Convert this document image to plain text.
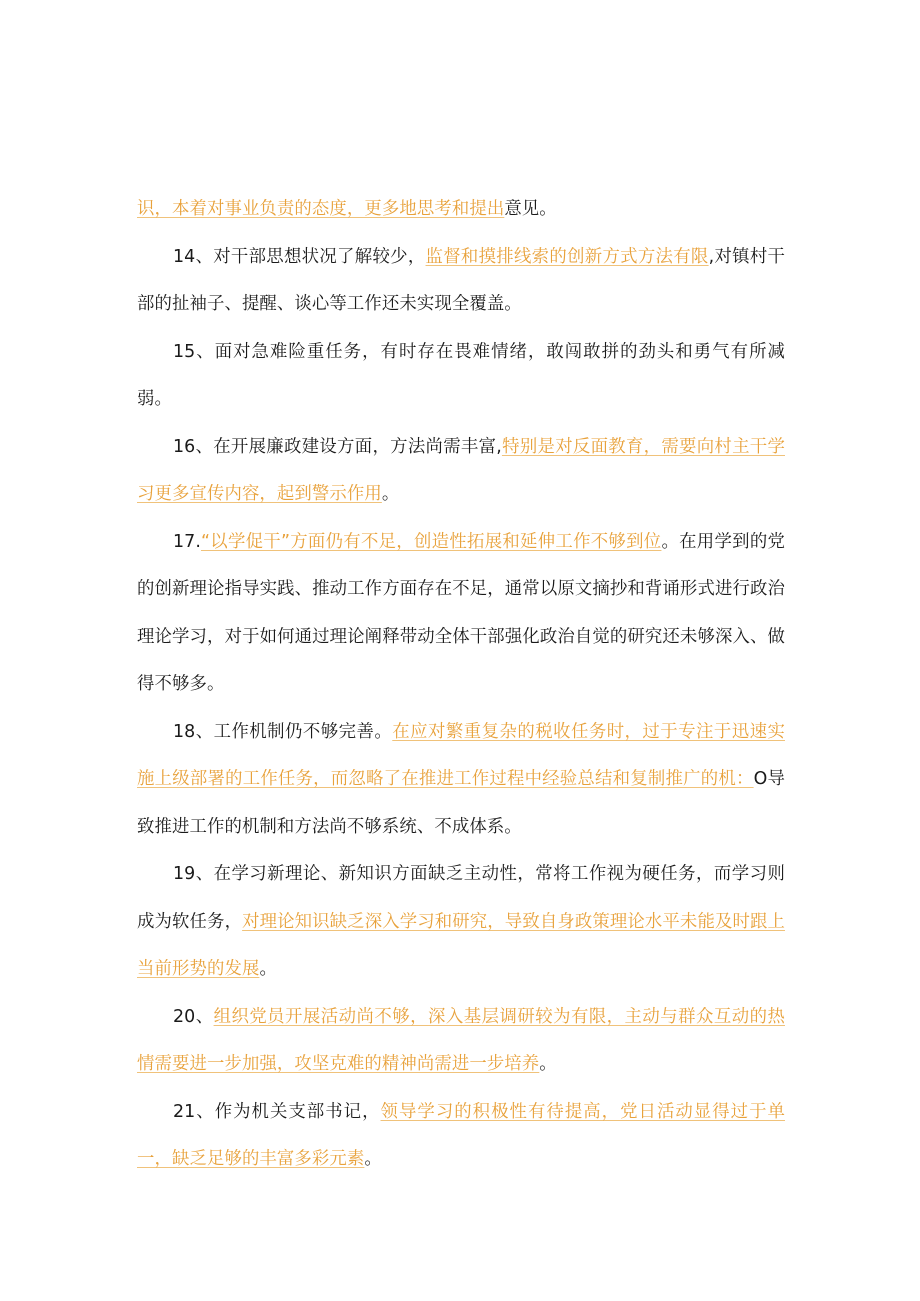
识，本着对事业负责的态度，更多地思考和提出意见。

14、对干部思想状况了解较少，监督和摸排线索的创新方式方法有限,对镇村干部的扯袖子、提醒、谈心等工作还未实现全覆盖。

15、面对急难险重任务，有时存在畏难情绪，敢闯敢拼的劲头和勇气有所减弱。

16、在开展廉政建设方面，方法尚需丰富,特别是对反面教育，需要向村主干学习更多宣传内容，起到警示作用。

17.“以学促干”方面仍有不足，创造性拓展和延伸工作不够到位。在用学到的党的创新理论指导实践、推动工作方面存在不足，通常以原文摘抄和背诵形式进行政治理论学习，对于如何通过理论阐释带动全体干部强化政治自觉的研究还未够深入、做得不够多。

18、工作机制仍不够完善。在应对繁重复杂的税收任务时，过于专注于迅速实施上级部署的工作任务，而忽略了在推进工作过程中经验总结和复制推广的机：O导致推进工作的机制和方法尚不够系统、不成体系。

19、在学习新理论、新知识方面缺乏主动性，常将工作视为硬任务，而学习则成为软任务，对理论知识缺乏深入学习和研究，导致自身政策理论水平未能及时跟上当前形势的发展。

20、组织党员开展活动尚不够，深入基层调研较为有限，主动与群众互动的热情需要进一步加强，攻坚克难的精神尚需进一步培养。

21、作为机关支部书记，领导学习的积极性有待提高，党日活动显得过于单一，缺乏足够的丰富多彩元素。
